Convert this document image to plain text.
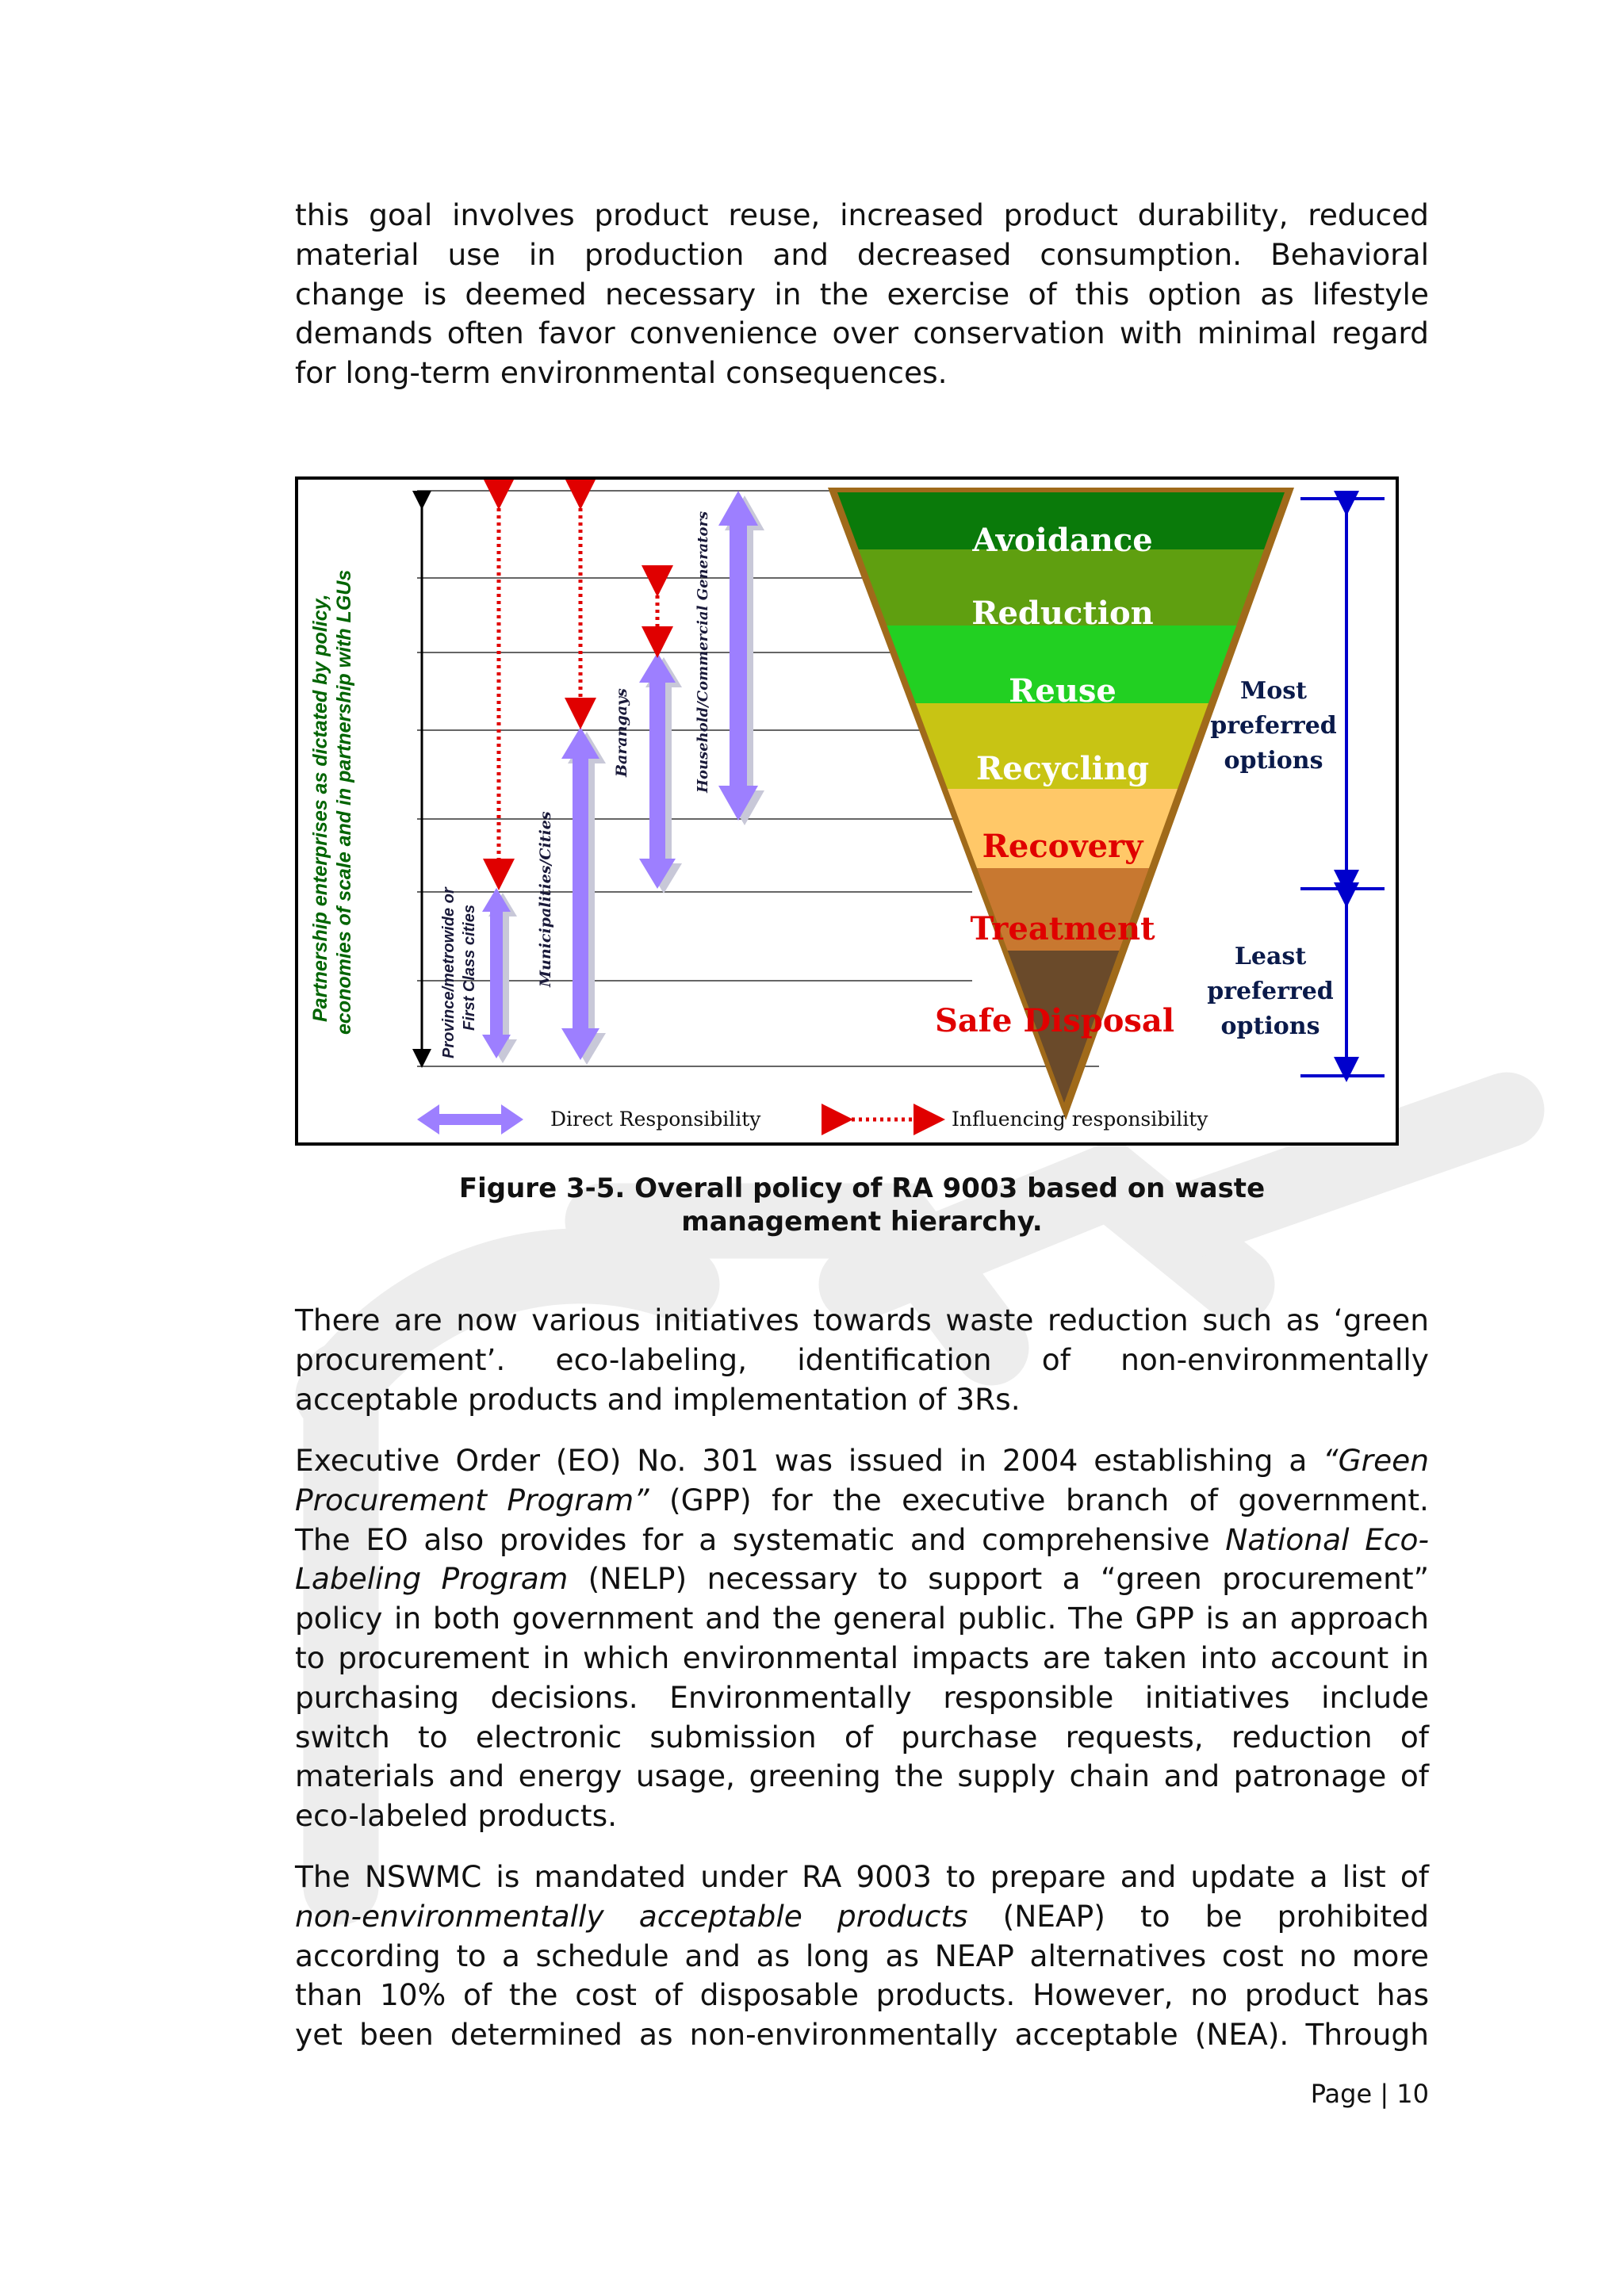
this goal involves product reuse, increased product durability, reduced
material use in production and decreased consumption. Behavioral
change is deemed necessary in the exercise of this option as lifestyle
demands often favor convenience over conservation with minimal regard
for long-term environmental consequences.
Partnership enterprises as dictated by policy, economies of scale and in partnership with LGUs	Province/metrowide or First Class cities	Municipalities/Cities
Barangays	Household/Commercial Generators	Avoidance
Reduction
Reuse
Recycling
Recovery
Treatment
Safe Disposal
Most
preferred
options
Least
preferred
options
Direct Responsibility	Influencing responsibility
Figure 3-5. Overall policy of RA 9003 based on waste
management hierarchy.
There are now various initiatives towards waste reduction such as ‘green
procurement’. eco-labeling, identification of non-environmentally
acceptable products and implementation of 3Rs.
Executive Order (EO) No. 301 was issued in 2004 establishing a “Green
Procurement Program” (GPP) for the executive branch of government.
The EO also provides for a systematic and comprehensive National Eco-
Labeling Program (NELP) necessary to support a “green procurement”
policy in both government and the general public. The GPP is an approach
to procurement in which environmental impacts are taken into account in
purchasing decisions. Environmentally responsible initiatives include
switch to electronic submission of purchase requests, reduction of
materials and energy usage, greening the supply chain and patronage of
eco-labeled products.
The NSWMC is mandated under RA 9003 to prepare and update a list of
non-environmentally acceptable products (NEAP) to be prohibited
according to a schedule and as long as NEAP alternatives cost no more
than 10% of the cost of disposable products. However, no product has
yet been determined as non-environmentally acceptable (NEA). Through
Page | 10
